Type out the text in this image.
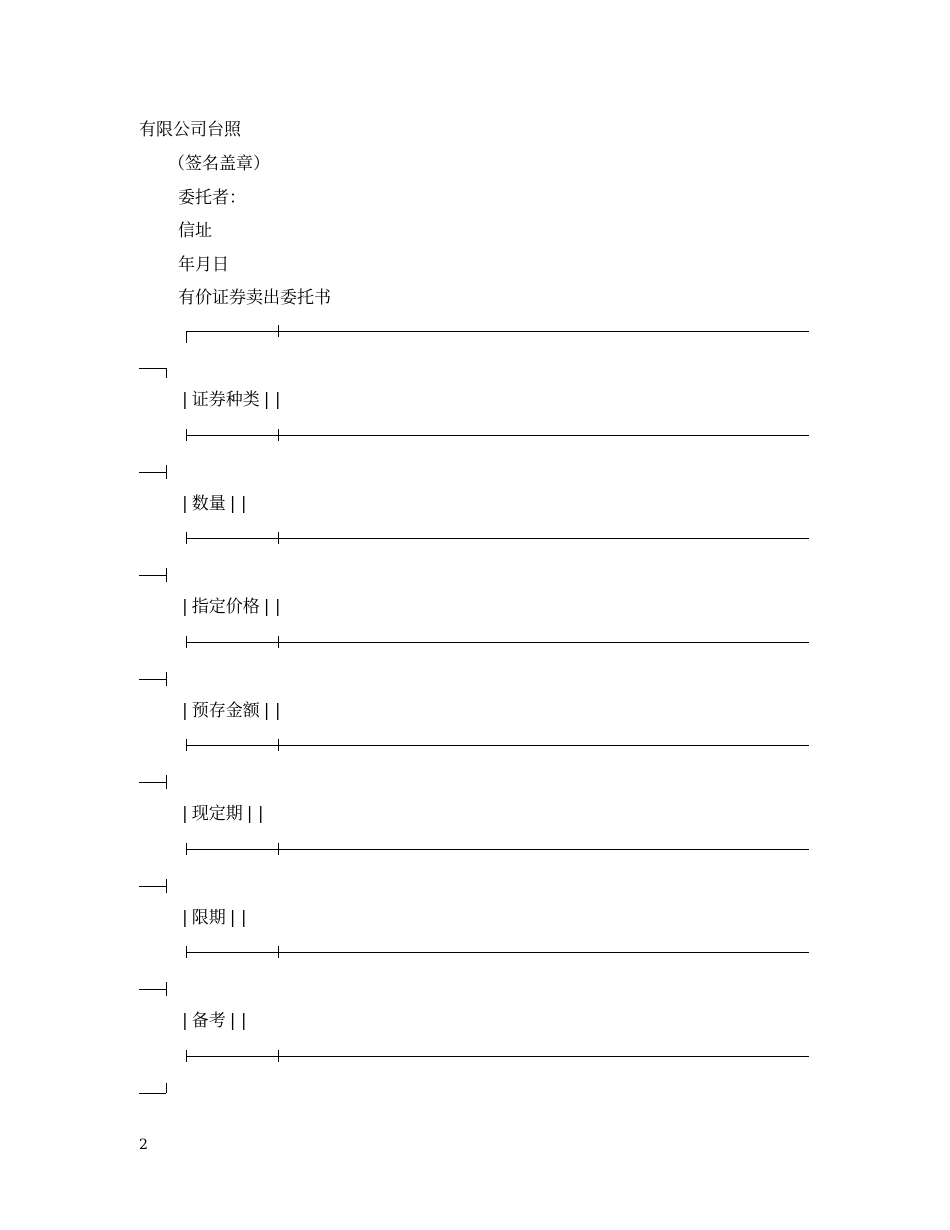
有限公司台照
（签名盖章）
委托者：
信址
年月日
有价证券卖出委托书
| 证券种类 | |
| 数量 | |
| 指定价格 | |
| 预存金额 | |
| 现定期 | |
| 限期 | |
| 备考 | |
2
